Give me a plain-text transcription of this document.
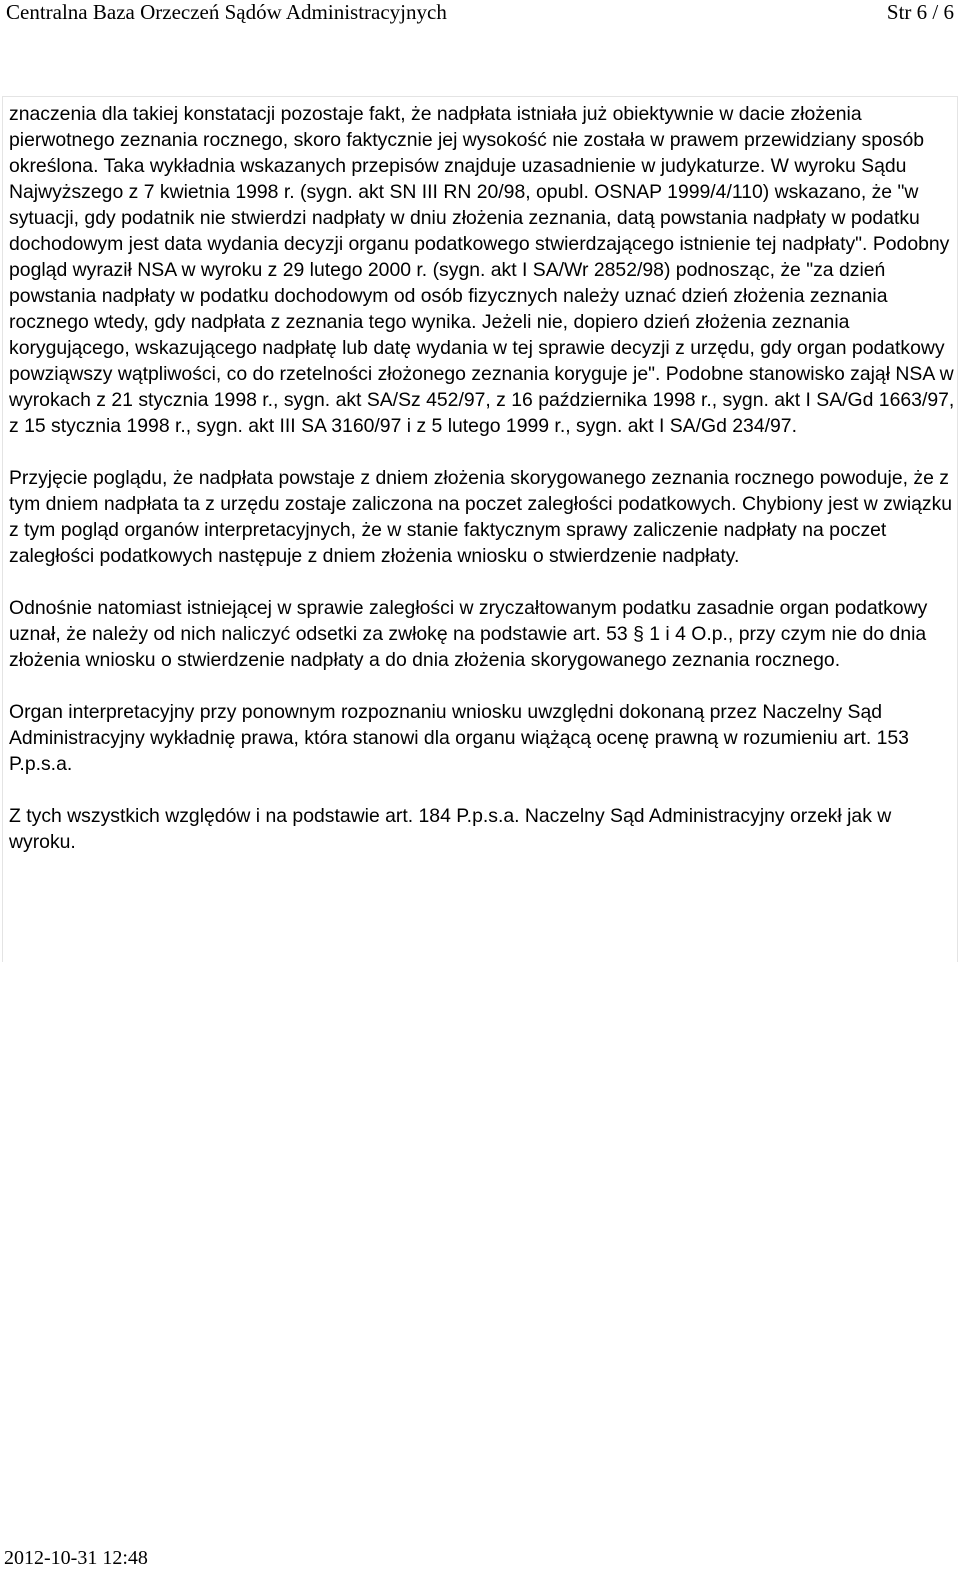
Centralna Baza Orzeczeń Sądów Administracyjnych	Str 6 / 6

znaczenia dla takiej konstatacji pozostaje fakt, że nadpłata istniała już obiektywnie w dacie złożenia pierwotnego zeznania rocznego, skoro faktycznie jej wysokość nie została w prawem przewidziany sposób określona. Taka wykładnia wskazanych przepisów znajduje uzasadnienie w judykaturze. W wyroku Sądu Najwyższego z 7 kwietnia 1998 r. (sygn. akt SN III RN 20/98, opubl. OSNAP 1999/4/110) wskazano, że "w sytuacji, gdy podatnik nie stwierdzi nadpłaty w dniu złożenia zeznania, datą powstania nadpłaty w podatku dochodowym jest data wydania decyzji organu podatkowego stwierdzającego istnienie tej nadpłaty". Podobny pogląd wyraził NSA w wyroku z 29 lutego 2000 r. (sygn. akt I SA/Wr 2852/98) podnosząc, że "za dzień powstania nadpłaty w podatku dochodowym od osób fizycznych należy uznać dzień złożenia zeznania rocznego wtedy, gdy nadpłata z zeznania tego wynika. Jeżeli nie, dopiero dzień złożenia zeznania korygującego, wskazującego nadpłatę lub datę wydania w tej sprawie decyzji z urzędu, gdy organ podatkowy powziąwszy wątpliwości, co do rzetelności złożonego zeznania koryguje je". Podobne stanowisko zajął NSA w wyrokach z 21 stycznia 1998 r., sygn. akt SA/Sz 452/97, z 16 października 1998 r., sygn. akt I SA/Gd 1663/97, z 15 stycznia 1998 r., sygn. akt III SA 3160/97 i z 5 lutego 1999 r., sygn. akt I SA/Gd 234/97.

Przyjęcie poglądu, że nadpłata powstaje z dniem złożenia skorygowanego zeznania rocznego powoduje, że z tym dniem nadpłata ta z urzędu zostaje zaliczona na poczet zaległości podatkowych. Chybiony jest w związku z tym pogląd organów interpretacyjnych, że w stanie faktycznym sprawy zaliczenie nadpłaty na poczet zaległości podatkowych następuje z dniem złożenia wniosku o stwierdzenie nadpłaty.

Odnośnie natomiast istniejącej w sprawie zaległości w zryczałtowanym podatku zasadnie organ podatkowy uznał, że należy od nich naliczyć odsetki za zwłokę na podstawie art. 53 § 1 i 4 O.p., przy czym nie do dnia złożenia wniosku o stwierdzenie nadpłaty a do dnia złożenia skorygowanego zeznania rocznego.

Organ interpretacyjny przy ponownym rozpoznaniu wniosku uwzględni dokonaną przez Naczelny Sąd Administracyjny wykładnię prawa, która stanowi dla organu wiążącą ocenę prawną w rozumieniu art. 153 P.p.s.a.

Z tych wszystkich względów i na podstawie art. 184 P.p.s.a. Naczelny Sąd Administracyjny orzekł jak w wyroku.

2012-10-31 12:48
